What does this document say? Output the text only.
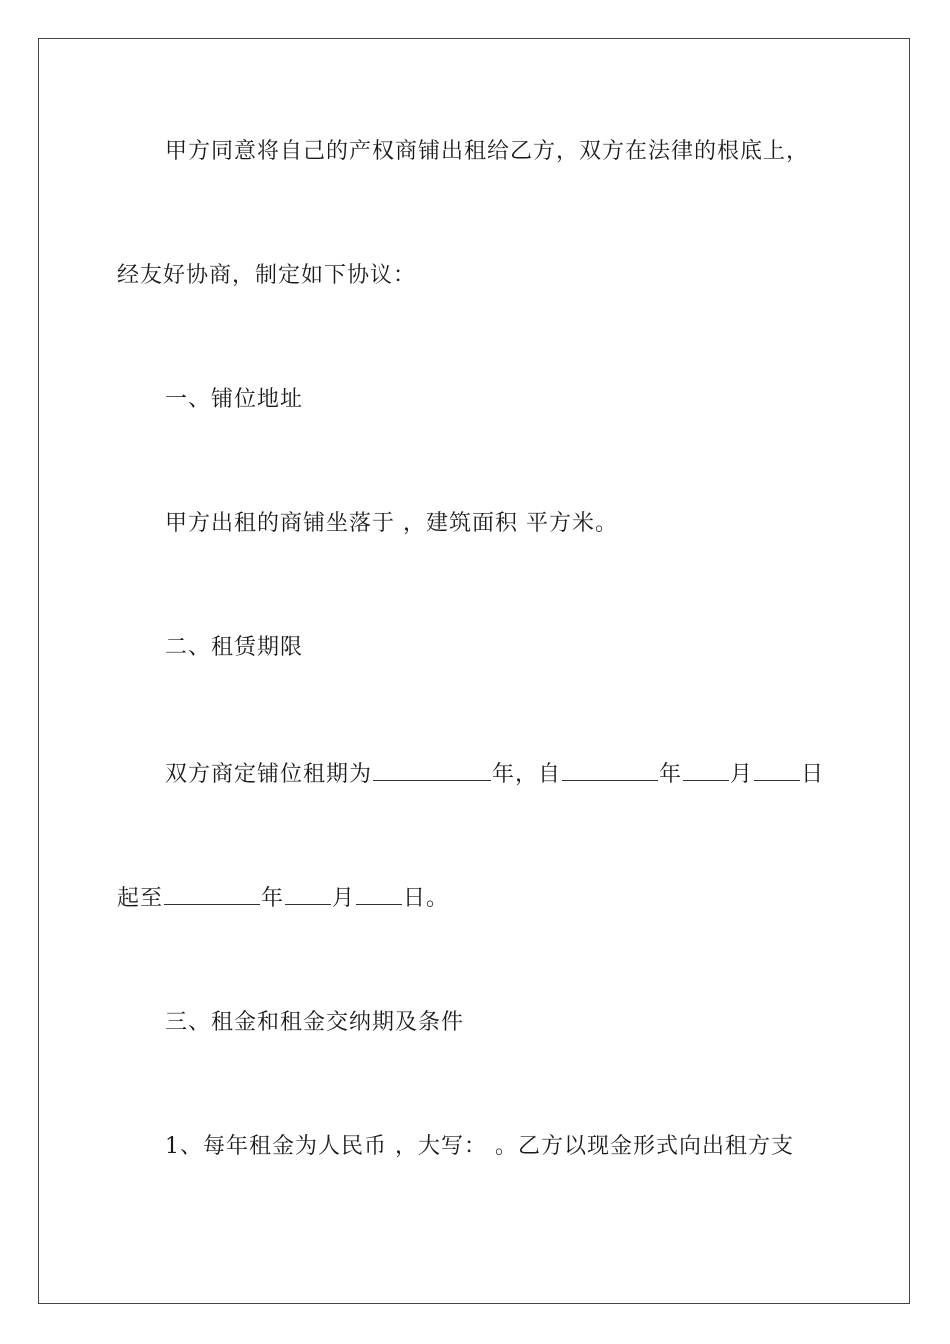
甲方同意将自己的产权商铺出租给乙方，双方在法律的根底上，
经友好协商，制定如下协议：
一、铺位地址
甲方出租的商铺坐落于 ，建筑面积 平方米。
二、租赁期限
双方商定铺位租期为	年，自	年 月 日
起至	年 月 日。
三、租金和租金交纳期及条件
1、每年租金为人民币 ，大写： 。乙方以现金形式向出租方支
